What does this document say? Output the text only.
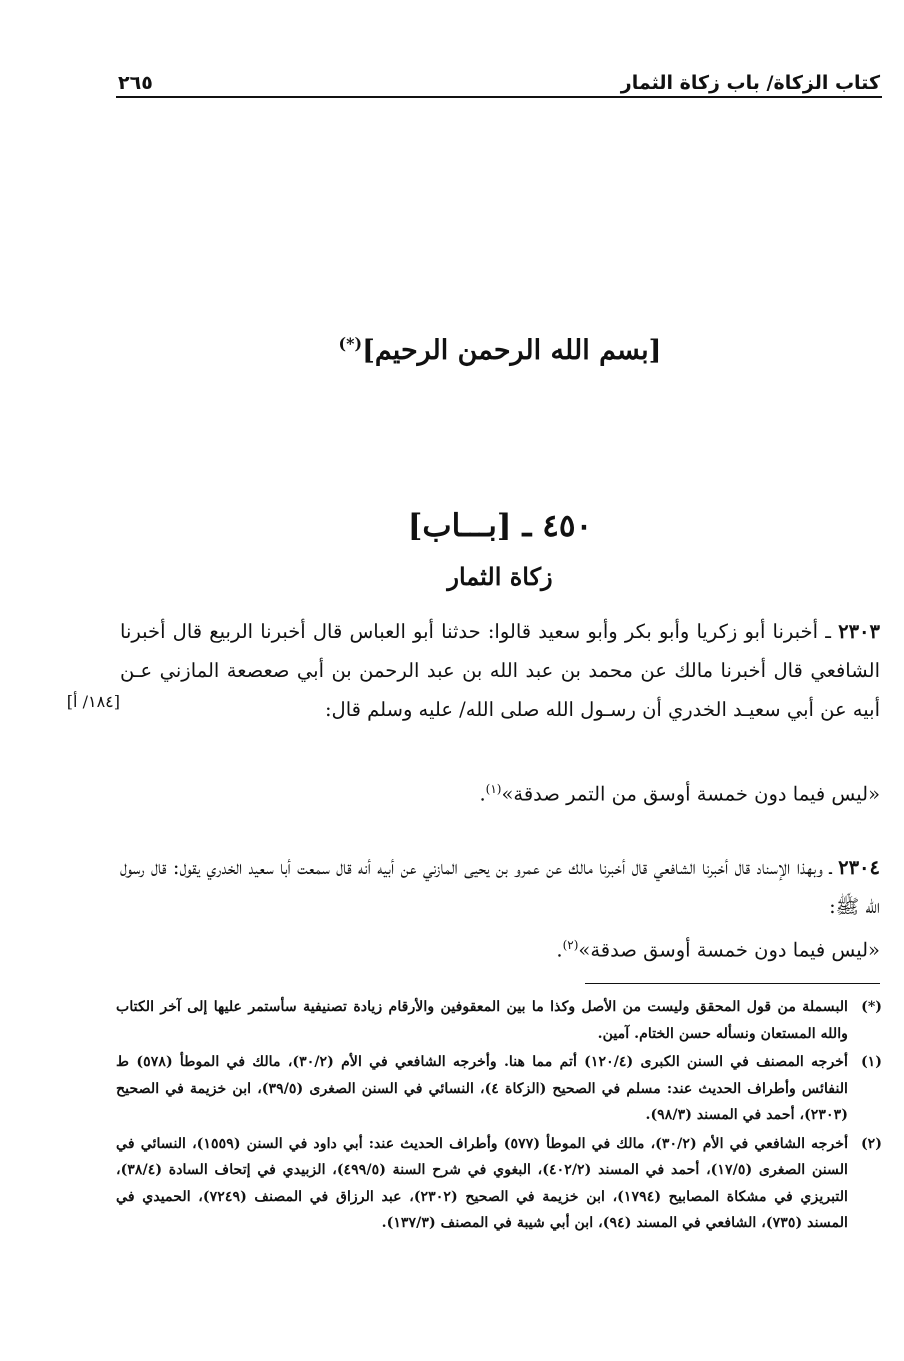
كتاب الزكاة/ باب زكاة الثمار
٢٦٥
[بسم الله الرحمن الرحيم](*)
٤٥٠ ـ [بـــاب]
زكاة الثمار

٢٣٠٣ ـ أخبرنا أبو زكريا وأبو بكر وأبو سعيد قالوا: حدثنا أبو العباس قال أخبرنا الربيع قال أخبرنا الشافعي قال أخبرنا مالك عن محمد بن عبد الله بن عبد الرحمن بن أبي صعصعة المازني عـن أبيه عن أبي سعيـد الخدري أن رسـول الله صلى الله/ عليه وسلم قال:

[١٨٤/ أ]

«ليس فيما دون خمسة أوسق من التمر صدقة»$^{(١)}$.

٢٣٠٤ ـ وبهذا الإسناد قال أخبرنا الشافعي قال أخبرنا مالك عن عمرو بن يحيى المازني عن أبيه أنه قال سمعت أبا سعيد الخدري يقول: قال رسول الله ﷺ:

«ليس فيما دون خمسة أوسق صدقة»$^{(٢)}$.

(*)
البسملة من قول المحقق وليست من الأصل وكذا ما بين المعقوفين والأرقام زيادة تصنيفية سأستمر عليها إلى آخر الكتاب والله المستعان ونسأله حسن الختام. آمين.
(١)
أخرجه المصنف في السنن الكبرى (١٢٠/٤) أتم مما هنا. وأخرجه الشافعي في الأم (٣٠/٢)، مالك في الموطأ (٥٧٨) ط النفائس وأطراف الحديث عند: مسلم في الصحيح (الزكاة ٤)، النسائي في السنن الصغرى (٣٩/٥)، ابن خزيمة في الصحيح (٢٣٠٣)، أحمد في المسند (٩٨/٣).
(٢)
أخرجه الشافعي في الأم (٣٠/٢)، مالك في الموطأ (٥٧٧) وأطراف الحديث عند: أبي داود في السنن (١٥٥٩)، النسائي في السنن الصغرى (١٧/٥)، أحمد في المسند (٤٠٢/٢)، البغوي في شرح السنة (٤٩٩/٥)، الزبيدي في إتحاف السادة (٣٨/٤)، التبريزي في مشكاة المصابيح (١٧٩٤)، ابن خزيمة في الصحيح (٢٣٠٢)، عبد الرزاق في المصنف (٧٢٤٩)، الحميدي في المسند (٧٣٥)، الشافعي في المسند (٩٤)، ابن أبي شيبة في المصنف (١٣٧/٣).
